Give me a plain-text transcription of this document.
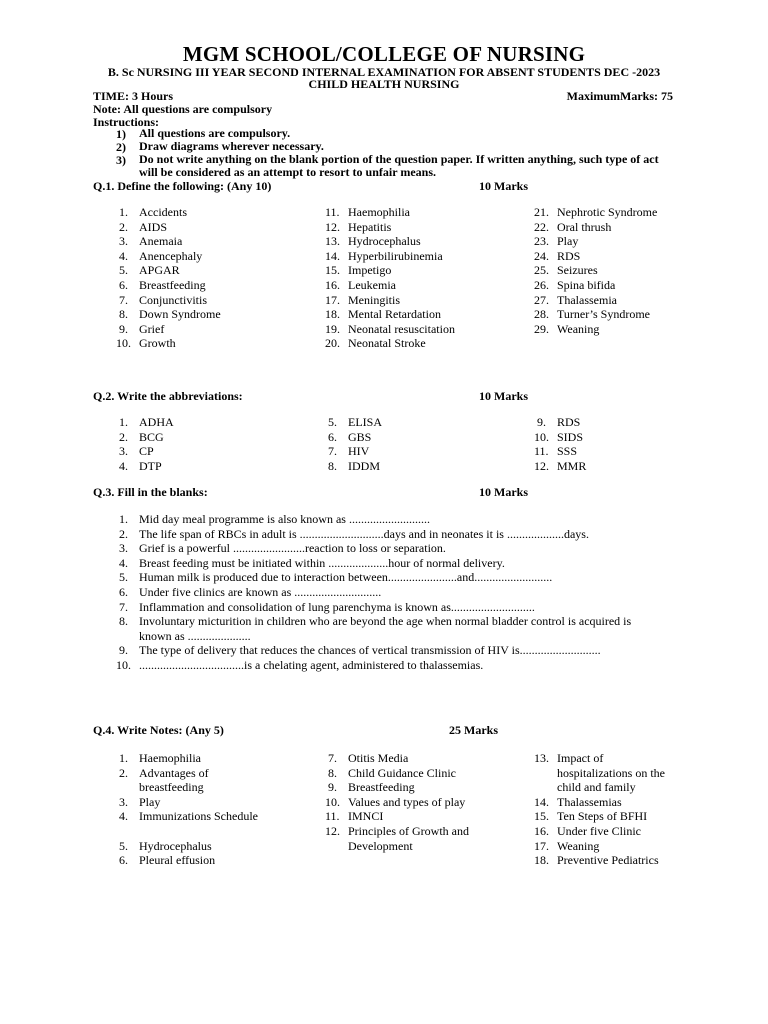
MGM SCHOOL/COLLEGE OF NURSING
B. Sc NURSING III YEAR SECOND INTERNAL EXAMINATION FOR ABSENT STUDENTS DEC -2023
CHILD HEALTH NURSING
TIME: 3 Hours	MaximumMarks: 75
Note: All questions are compulsory
Instructions:
1) All questions are compulsory.
2) Draw diagrams wherever necessary.
3) Do not write anything on the blank portion of the question paper. If written anything, such type of act will be considered as an attempt to resort to unfair means.
Q.1. Define the following: (Any 10)	10 Marks
1. Accidents
2. AIDS
3. Anemaia
4. Anencephaly
5. APGAR
6. Breastfeeding
7. Conjunctivitis
8. Down Syndrome
9. Grief
10. Growth
11. Haemophilia
12. Hepatitis
13. Hydrocephalus
14. Hyperbilirubinemia
15. Impetigo
16. Leukemia
17. Meningitis
18. Mental Retardation
19. Neonatal resuscitation
20. Neonatal Stroke
21. Nephrotic Syndrome
22. Oral thrush
23. Play
24. RDS
25. Seizures
26. Spina bifida
27. Thalassemia
28. Turner’s Syndrome
29. Weaning
Q.2. Write the abbreviations:	10 Marks
1. ADHA
2. BCG
3. CP
4. DTP
5. ELISA
6. GBS
7. HIV
8. IDDM
9. RDS
10. SIDS
11. SSS
12. MMR
Q.3. Fill in the blanks:	10 Marks
1. Mid day meal programme is also known as ...........................
2. The life span of RBCs in adult is ............................days and in neonates it is ...................days.
3. Grief is a powerful ........................reaction to loss or separation.
4. Breast feeding must be initiated within ....................hour of normal delivery.
5. Human milk is produced due to interaction between.......................and..........................
6. Under five clinics are known as .............................
7. Inflammation and consolidation of lung parenchyma is known as............................
8. Involuntary micturition in children who are beyond the age when normal bladder control is acquired is known as .....................
9. The type of delivery that reduces the chances of vertical transmission of HIV is...........................
10. ...................................is a chelating agent, administered to thalassemias.
Q.4. Write Notes: (Any 5)	25 Marks
1. Haemophilia
2. Advantages of breastfeeding
3. Play
4. Immunizations Schedule
5. Hydrocephalus
6. Pleural effusion
7. Otitis Media
8. Child Guidance Clinic
9. Breastfeeding
10. Values and types of play
11. IMNCI
12. Principles of Growth and Development
13. Impact of hospitalizations on the child and family
14. Thalassemias
15. Ten Steps of BFHI
16. Under five Clinic
17. Weaning
18. Preventive Pediatrics
